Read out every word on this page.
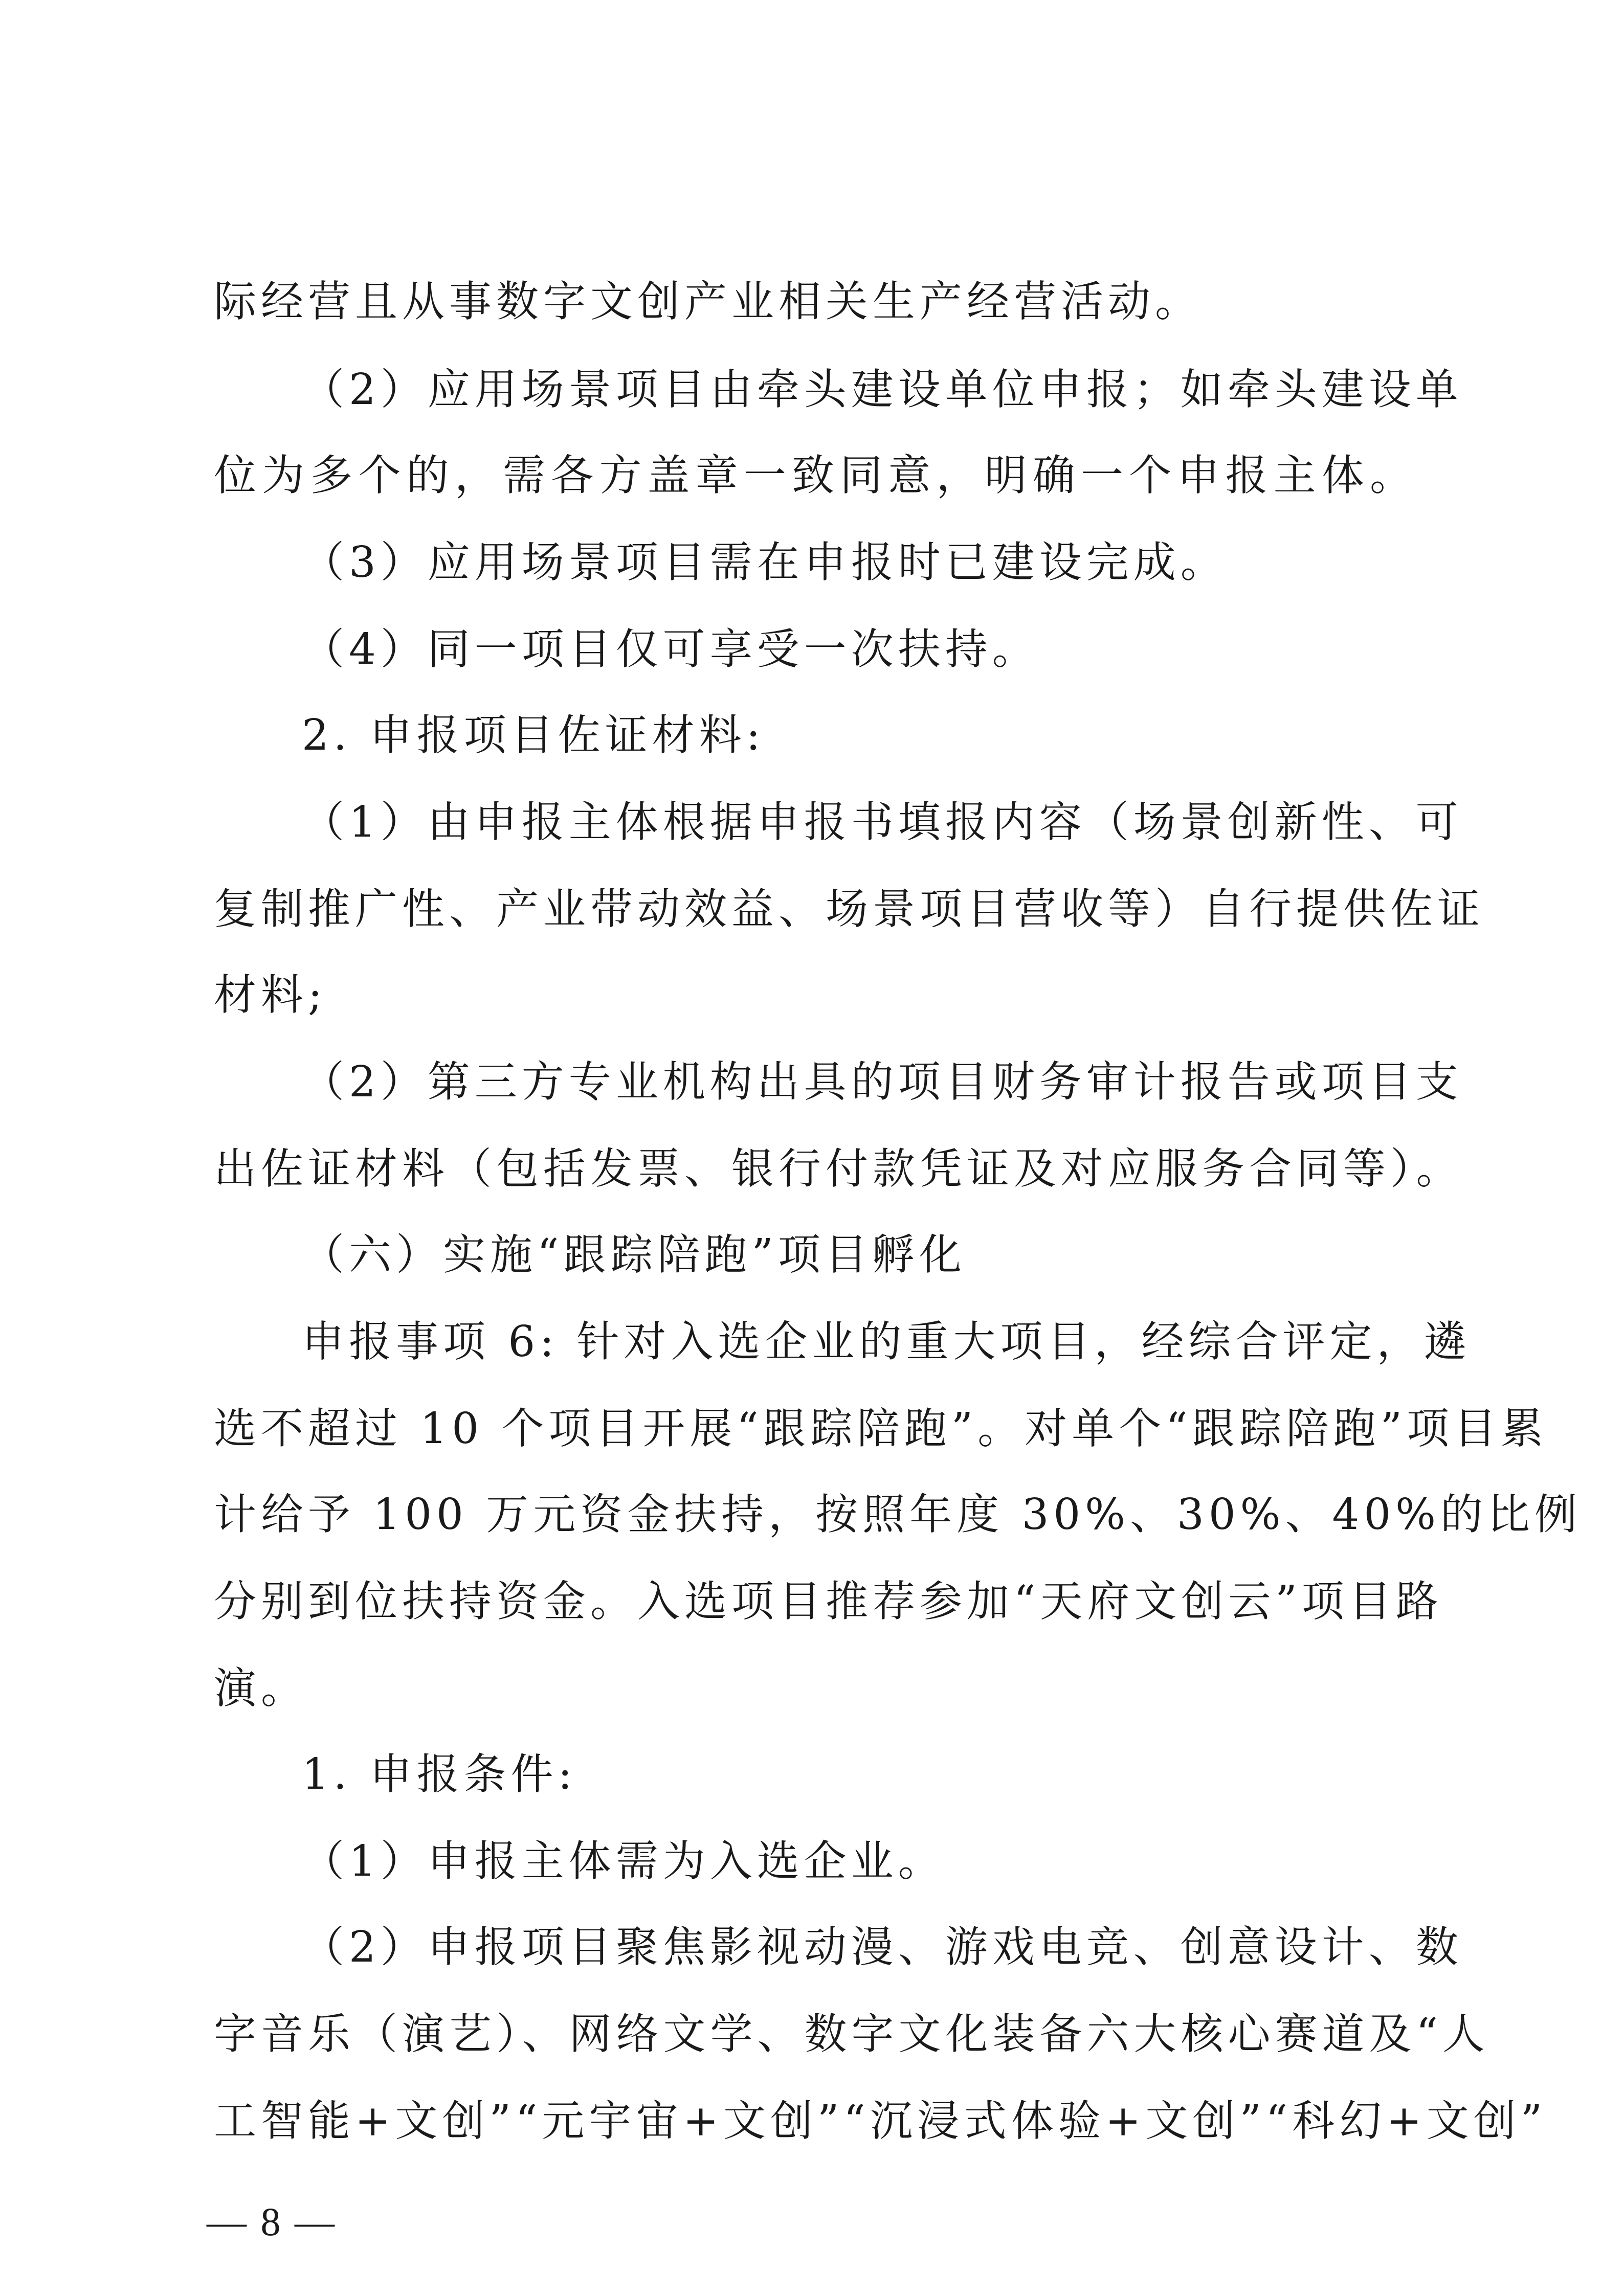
际经营且从事数字文创产业相关生产经营活动。
（2）应用场景项目由牵头建设单位申报；如牵头建设单
位为多个的，需各方盖章一致同意，明确一个申报主体。
（3）应用场景项目需在申报时已建设完成。
（4）同一项目仅可享受一次扶持。
2. 申报项目佐证材料:
（1）由申报主体根据申报书填报内容（场景创新性、可
复制推广性、产业带动效益、场景项目营收等）自行提供佐证
材料;
（2）第三方专业机构出具的项目财务审计报告或项目支
出佐证材料（包括发票、银行付款凭证及对应服务合同等）。
（六）实施“跟踪陪跑”项目孵化
申报事项 6: 针对入选企业的重大项目，经综合评定，遴
选不超过 10 个项目开展“跟踪陪跑”。对单个“跟踪陪跑”项目累
计给予 100 万元资金扶持，按照年度 30%、30%、40%的比例
分别到位扶持资金。入选项目推荐参加“天府文创云”项目路
演。
1. 申报条件:
（1）申报主体需为入选企业。
（2）申报项目聚焦影视动漫、游戏电竞、创意设计、数
字音乐（演艺）、网络文学、数字文化装备六大核心赛道及“人
工智能+文创”“元宇宙+文创”“沉浸式体验+文创”“科幻+文创”
— 8 —
